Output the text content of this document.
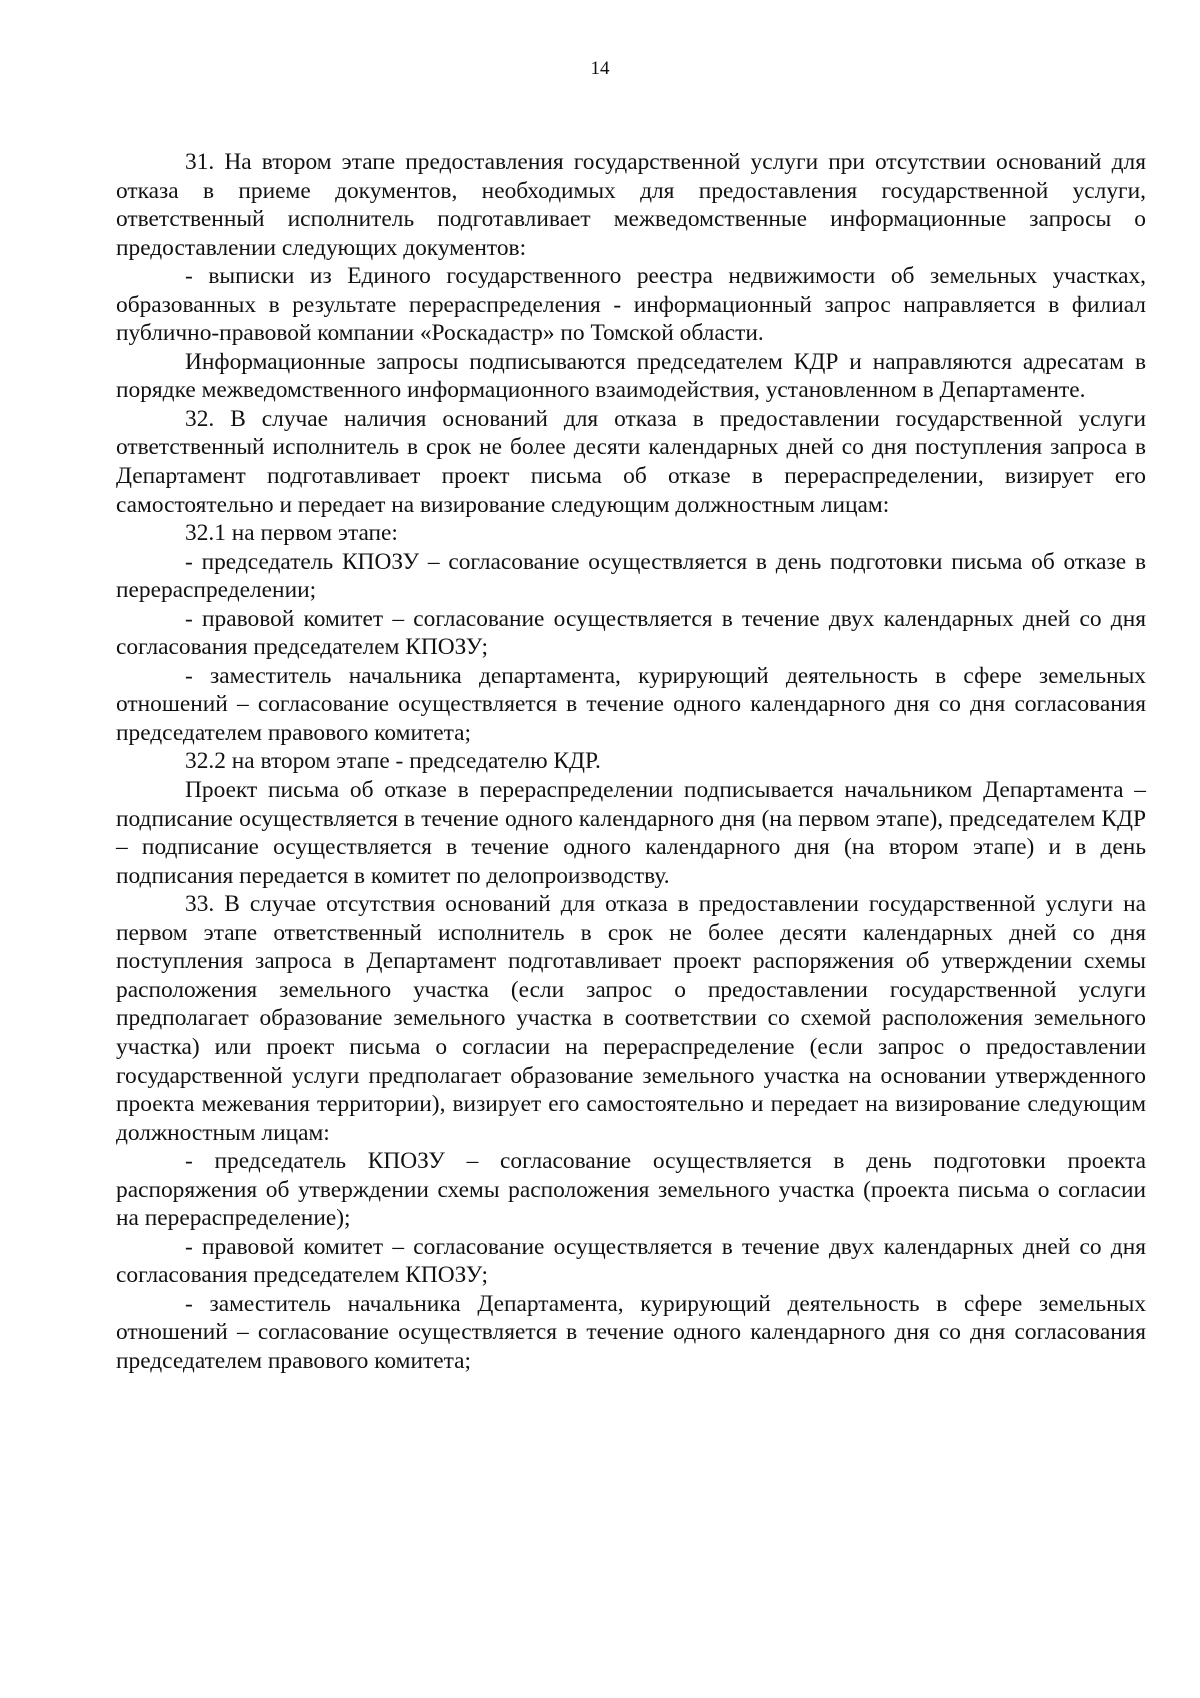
14

31. На втором этапе предоставления государственной услуги при отсутствии оснований для отказа в приеме документов, необходимых для предоставления государственной услуги, ответственный исполнитель подготавливает межведомственные информационные запросы о предоставлении следующих документов:

- выписки из Единого государственного реестра недвижимости об земельных участках, образованных в результате перераспределения - информационный запрос направляется в филиал публично-правовой компании «Роскадастр» по Томской области.

Информационные запросы подписываются председателем КДР и направляются адресатам в порядке межведомственного информационного взаимодействия, установленном в Департаменте.

32. В случае наличия оснований для отказа в предоставлении государственной услуги ответственный исполнитель в срок не более десяти календарных дней со дня поступления запроса в Департамент подготавливает проект письма об отказе в перераспределении, визирует его самостоятельно и передает на визирование следующим должностным лицам:

32.1 на первом этапе:

- председатель КПОЗУ – согласование осуществляется в день подготовки письма об отказе в перераспределении;

- правовой комитет – согласование осуществляется в течение двух календарных дней со дня согласования председателем КПОЗУ;

- заместитель начальника департамента, курирующий деятельность в сфере земельных отношений – согласование осуществляется в течение одного календарного дня со дня согласования председателем правового комитета;

32.2 на втором этапе - председателю КДР.

Проект письма об отказе в перераспределении подписывается начальником Департамента – подписание осуществляется в течение одного календарного дня (на первом этапе), председателем КДР – подписание осуществляется в течение одного календарного дня (на втором этапе) и в день подписания передается в комитет по делопроизводству.

33. В случае отсутствия оснований для отказа в предоставлении государственной услуги на первом этапе ответственный исполнитель в срок не более десяти календарных дней со дня поступления запроса в Департамент подготавливает проект распоряжения об утверждении схемы расположения земельного участка (если запрос о предоставлении государственной услуги предполагает образование земельного участка в соответствии со схемой расположения земельного участка) или проект письма о согласии на перераспределение (если запрос о предоставлении государственной услуги предполагает образование земельного участка на основании утвержденного проекта межевания территории), визирует его самостоятельно и передает на визирование следующим должностным лицам:

- председатель КПОЗУ – согласование осуществляется в день подготовки проекта распоряжения об утверждении схемы расположения земельного участка (проекта письма о согласии на перераспределение);

- правовой комитет – согласование осуществляется в течение двух календарных дней со дня согласования председателем КПОЗУ;

- заместитель начальника Департамента, курирующий деятельность в сфере земельных отношений – согласование осуществляется в течение одного календарного дня со дня согласования председателем правового комитета;
